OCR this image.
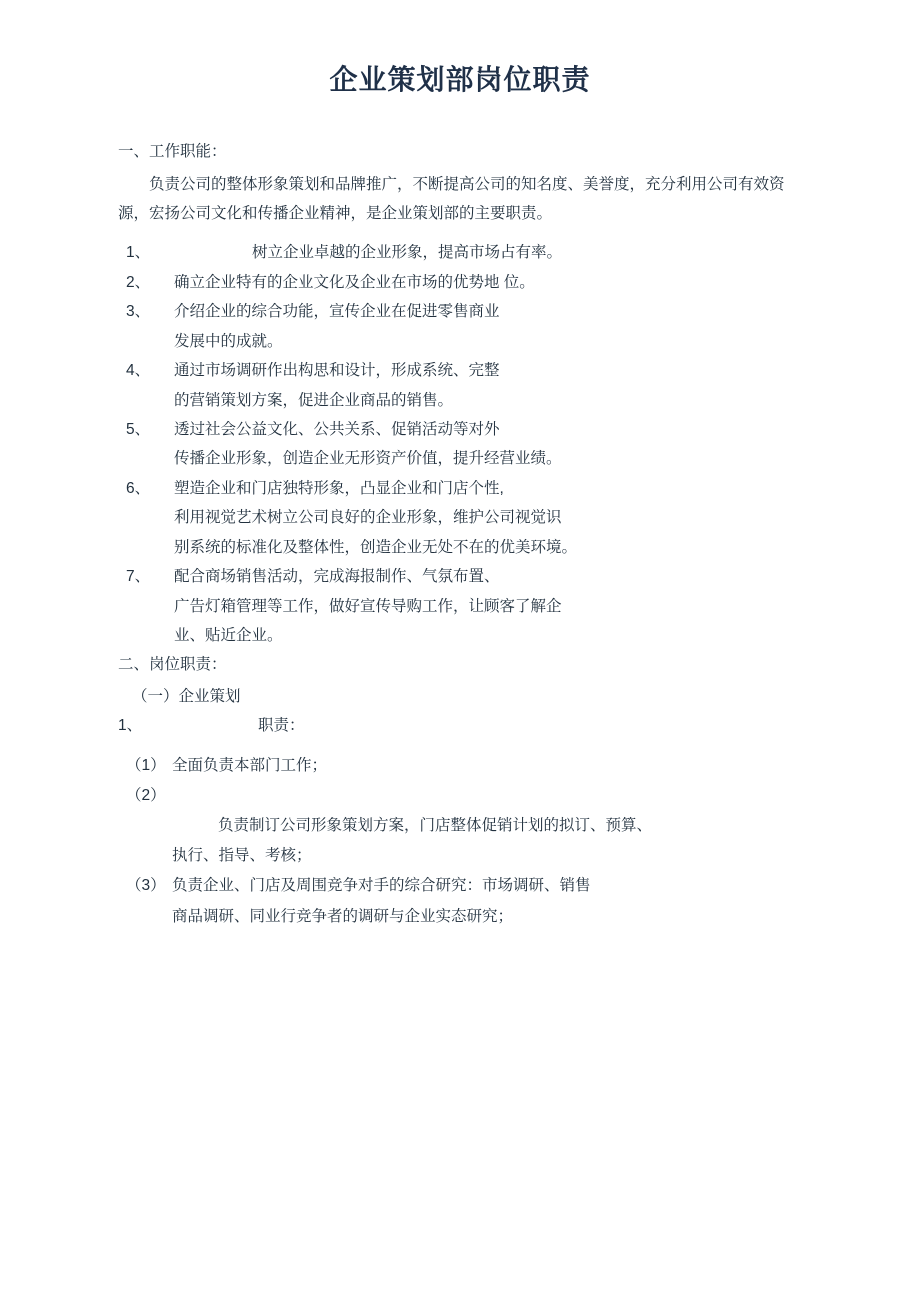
企业策划部岗位职责

一、工作职能：

负责公司的整体形象策划和品牌推广，不断提高公司的知名度、美誉度，充分利用公司有效资源，宏扬公司文化和传播企业精神，是企业策划部的主要职责。

1、	树立企业卓越的企业形象，提高市场占有率。
2、	确立企业特有的企业文化及企业在市场的优势地 位。
3、	介绍企业的综合功能，宣传企业在促进零售商业
发展中的成就。
4、	通过市场调研作出构思和设计，形成系统、完整
的营销策划方案，促进企业商品的销售。
5、	透过社会公益文化、公共关系、促销活动等对外
传播企业形象，创造企业无形资产价值，提升经营业绩。
6、	塑造企业和门店独特形象，凸显企业和门店个性,
利用视觉艺术树立公司良好的企业形象，维护公司视觉识
别系统的标准化及整体性，创造企业无处不在的优美环境。
7、	配合商场销售活动，完成海报制作、气氛布置、
广告灯箱管理等工作，做好宣传导购工作，让顾客了解企
业、贴近企业。

二、岗位职责：

（一）企业策划

1、	职责：
（1） 全面负责本部门工作；
（2）
负责制订公司形象策划方案，门店整体促销计划的拟订、预算、
执行、指导、考核；
（3） 负责企业、门店及周围竞争对手的综合研究：市场调研、销售
商品调研、同业行竞争者的调研与企业实态研究；
